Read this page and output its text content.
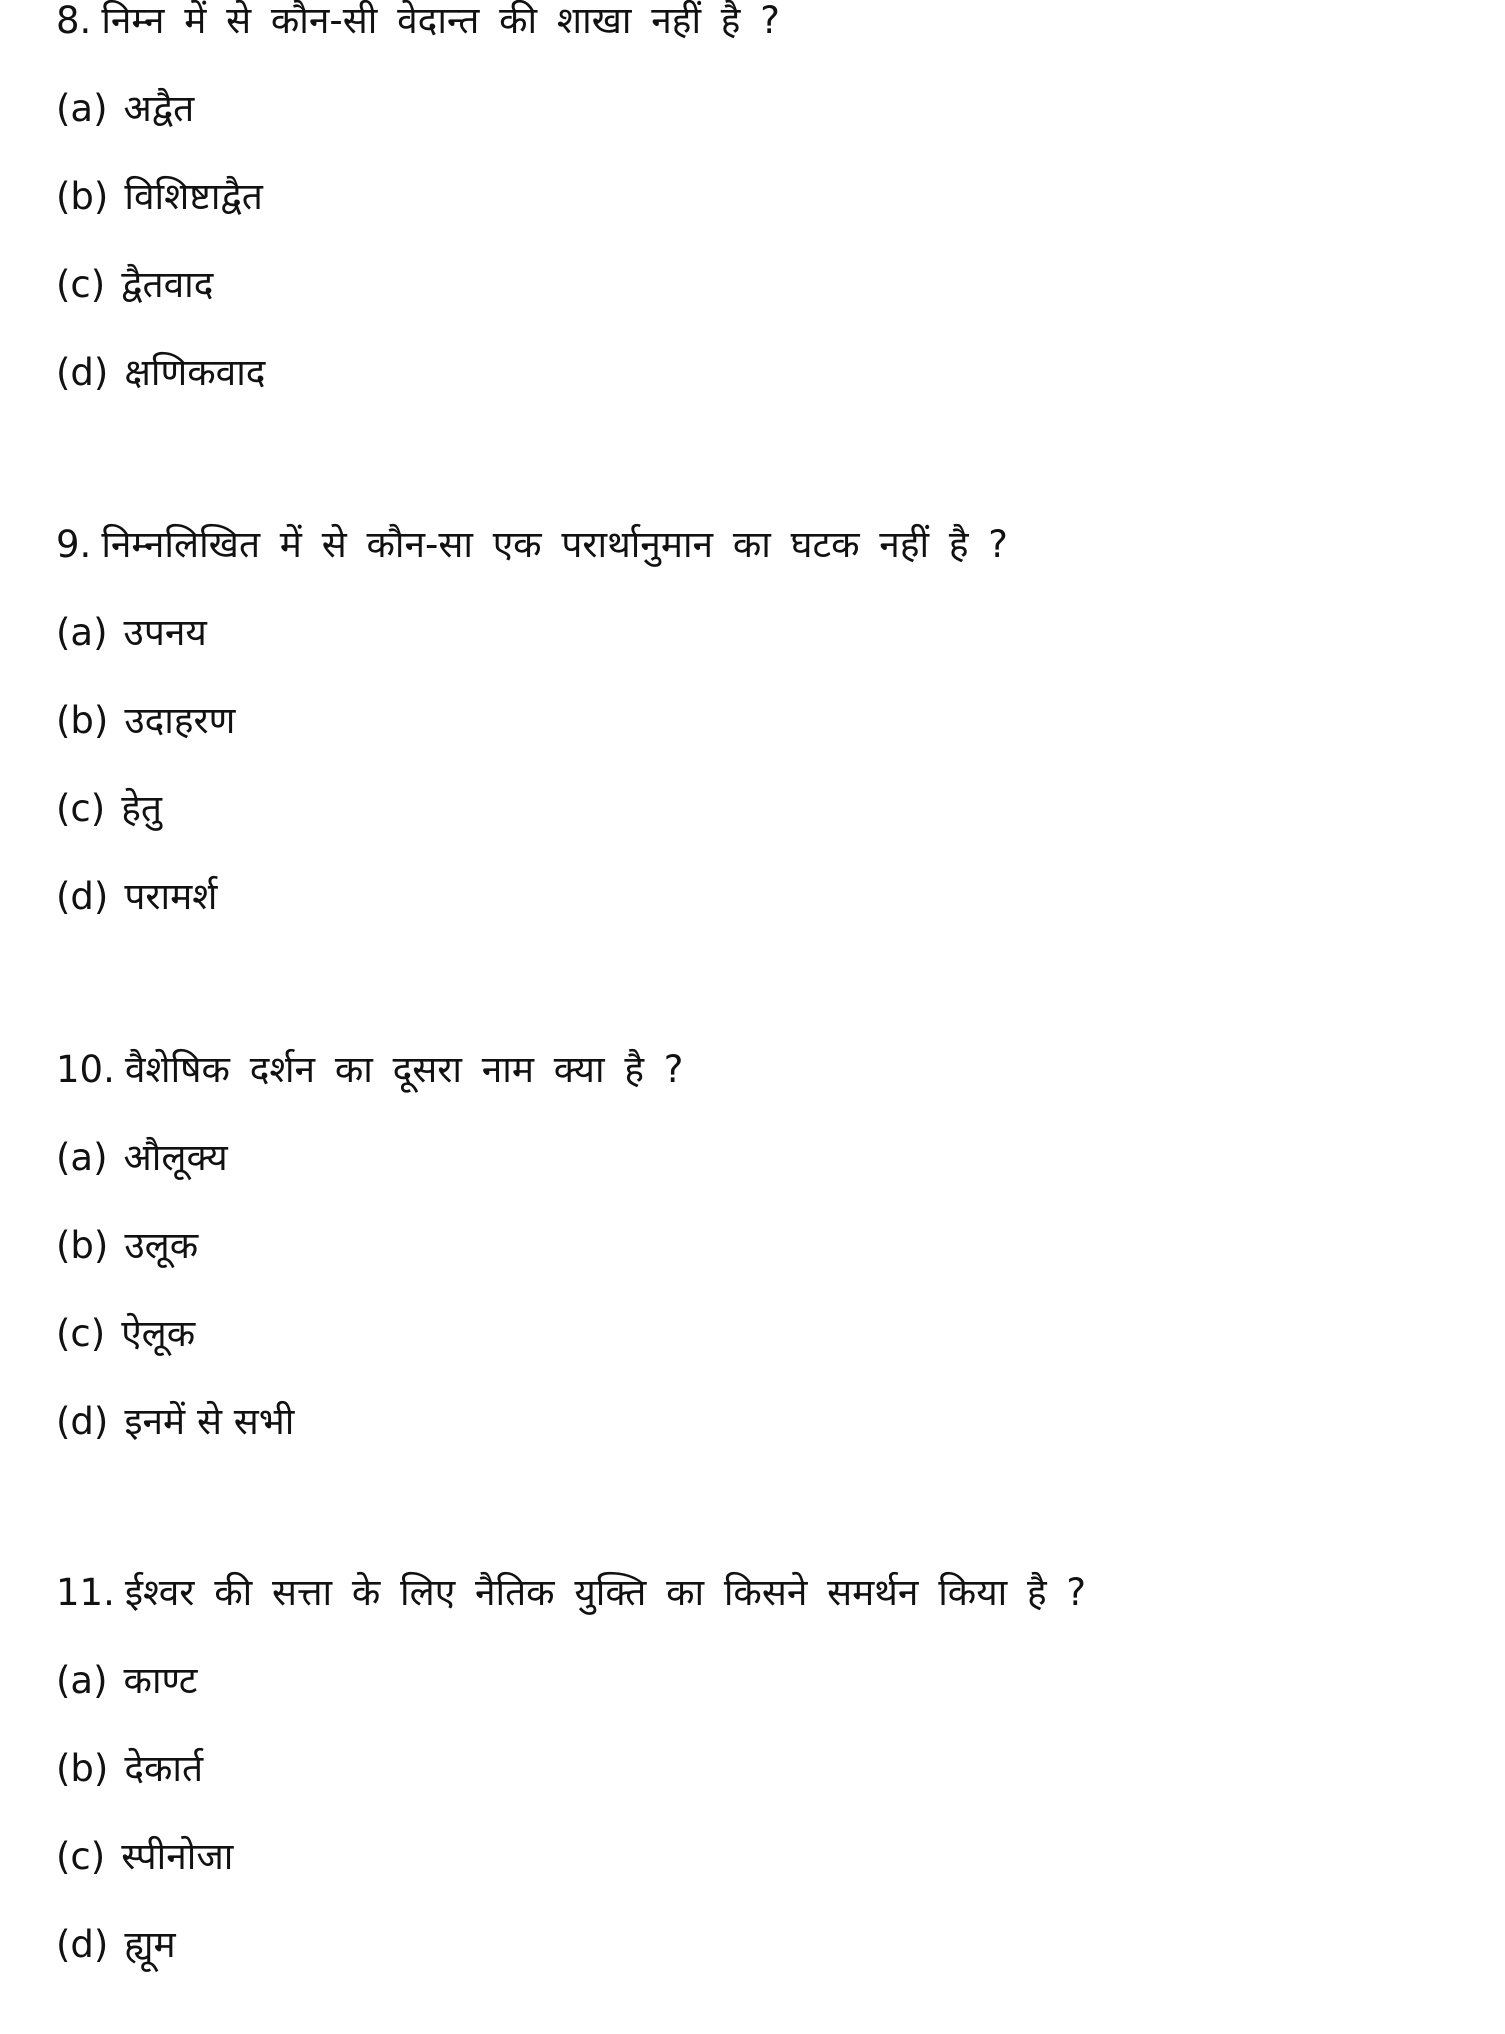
8. निम्न में से कौन-सी वेदान्त की शाखा नहीं है ?
(a) अद्वैत
(b) विशिष्टाद्वैत
(c) द्वैतवाद
(d) क्षणिकवाद
9. निम्नलिखित में से कौन-सा एक परार्थानुमान का घटक नहीं है ?
(a) उपनय
(b) उदाहरण
(c) हेतु
(d) परामर्श
10. वैशेषिक दर्शन का दूसरा नाम क्या है ?
(a) औलूक्य
(b) उलूक
(c) ऐलूक
(d) इनमें से सभी
11. ईश्वर की सत्ता के लिए नैतिक युक्ति का किसने समर्थन किया है ?
(a) काण्ट
(b) देकार्त
(c) स्पीनोजा
(d) ह्यूम
